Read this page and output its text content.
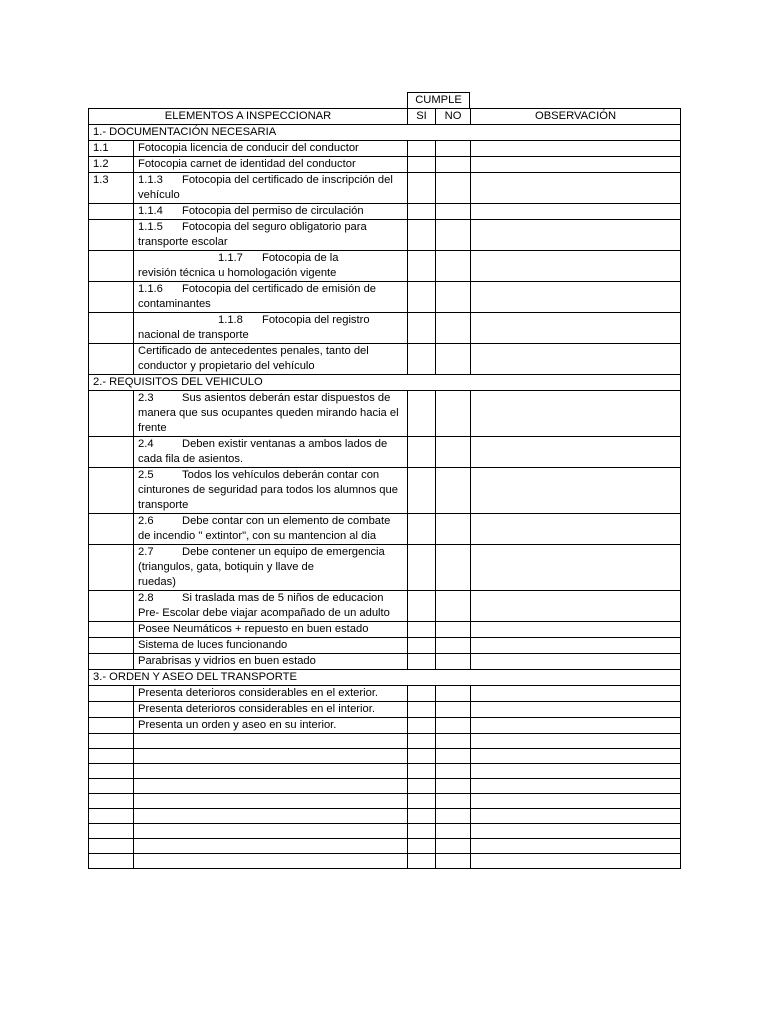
CUMPLE
ELEMENTOS A INSPECCIONAR		SI	NO	OBSERVACIÓN
1.- DOCUMENTACIÓN NECESARIA				
1.1	Fotocopia licencia de conducir del conductor			
1.2	Fotocopia carnet de identidad del conductor			
1.3	1.1.3 Fotocopia del certificado de inscripción del vehículo			
	1.1.4 Fotocopia del permiso de circulación			
	1.1.5 Fotocopia del seguro obligatorio para transporte escolar			
	1.1.7 Fotocopia de la
revisión técnica u homologación vigente			
	1.1.6 Fotocopia del certificado de emisión de contaminantes			
	1.1.8 Fotocopia del registro
nacional de transporte			
	Certificado de antecedentes penales, tanto del conductor y propietario del vehículo			
2.- REQUISITOS DEL VEHICULO				
	2.3 Sus asientos deberán estar dispuestos de manera que sus ocupantes queden mirando hacia el frente			
	2.4 Deben existir ventanas a ambos lados de cada fila de asientos.			
	2.5 Todos los vehículos deberán contar con cinturones de seguridad para todos los alumnos que transporte			
	2.6 Debe contar con un elemento de combate de incendio " extintor", con su mantencion al dia			
	2.7 Debe contener un equipo de emergencia (triangulos, gata, botiquin y llave de
ruedas)			
	2.8 Si traslada mas de 5 niños de educacion Pre- Escolar debe viajar acompañado de un adulto			
	Posee Neumáticos + repuesto en buen estado			
	Sistema de luces funcionando			
	Parabrisas y vidrios en buen estado			
3.- ORDEN Y ASEO DEL TRANSPORTE				
	Presenta deterioros considerables en el exterior.			
	Presenta deterioros considerables en el interior.			
	Presenta un orden y aseo en su interior.			
